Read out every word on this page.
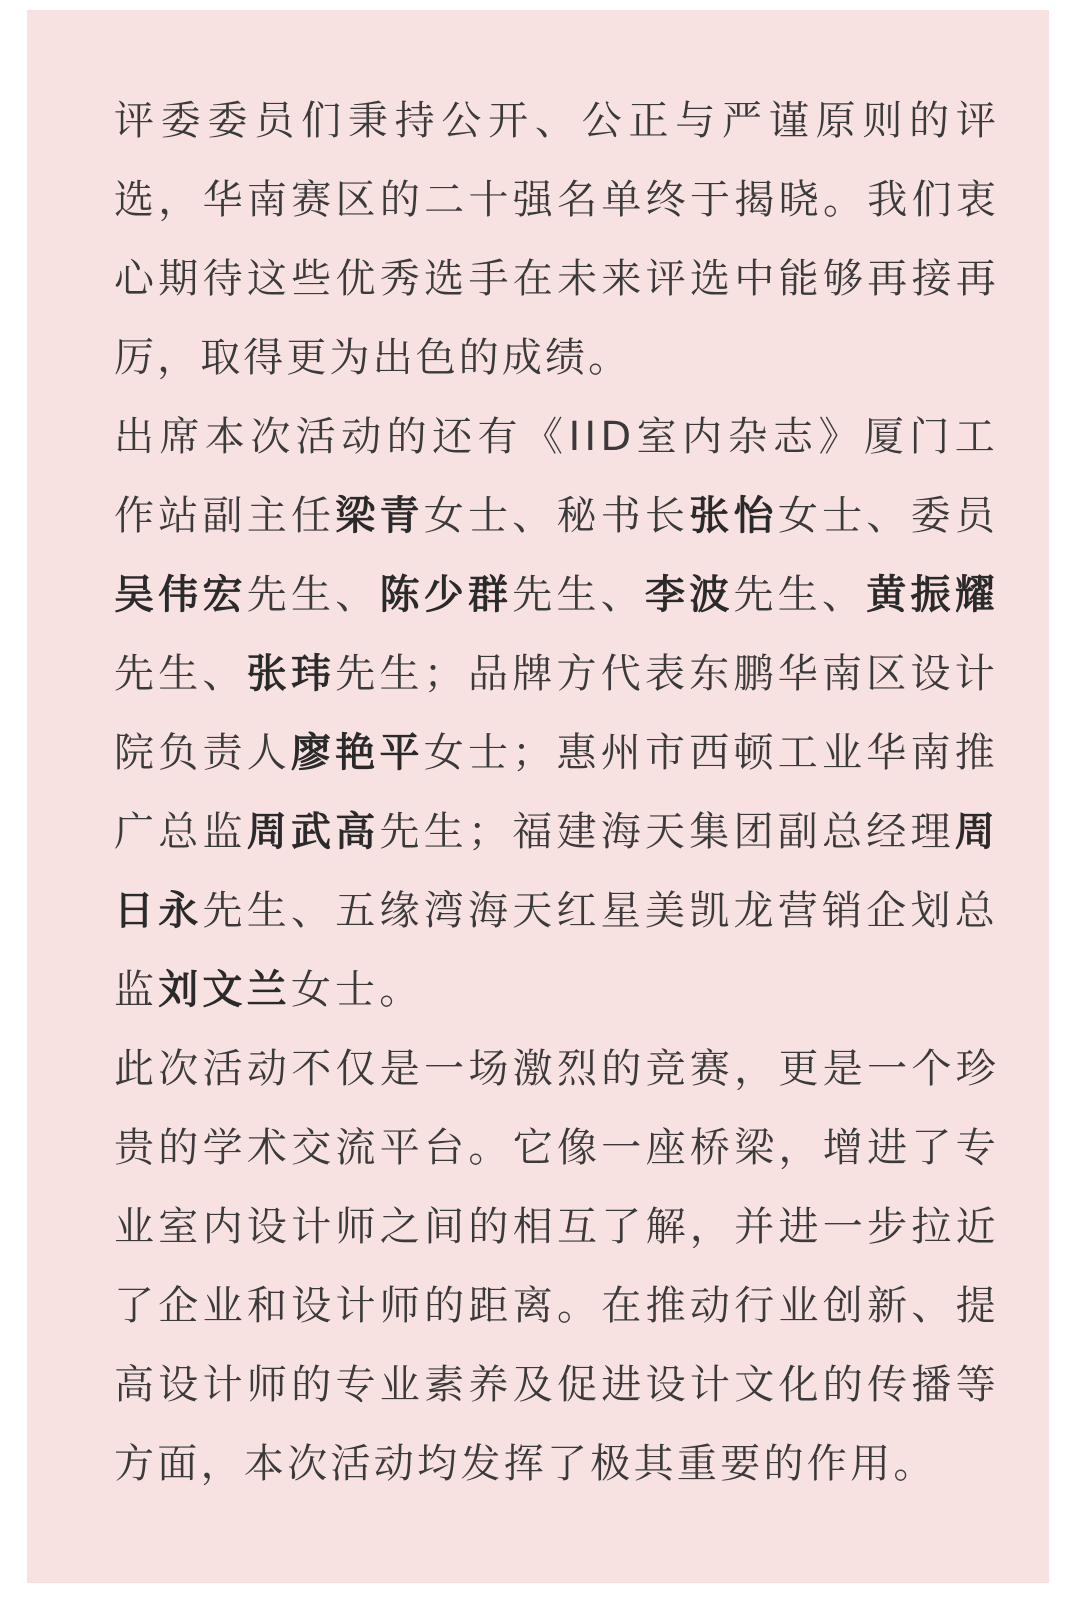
评委委员们秉持公开、公正与严谨原则的评选，华南赛区的二十强名单终于揭晓。我们衷心期待这些优秀选手在未来评选中能够再接再厉，取得更为出色的成绩。

出席本次活动的还有《IID室内杂志》厦门工作站副主任梁青女士、秘书长张怡女士、委员吴伟宏先生、陈少群先生、李波先生、黄振耀先生、张玮先生；品牌方代表东鹏华南区设计院负责人廖艳平女士；惠州市西顿工业华南推广总监周武高先生；福建海天集团副总经理周日永先生、五缘湾海天红星美凯龙营销企划总监刘文兰女士。

此次活动不仅是一场激烈的竞赛，更是一个珍贵的学术交流平台。它像一座桥梁，增进了专业室内设计师之间的相互了解，并进一步拉近了企业和设计师的距离。在推动行业创新、提高设计师的专业素养及促进设计文化的传播等方面，本次活动均发挥了极其重要的作用。
